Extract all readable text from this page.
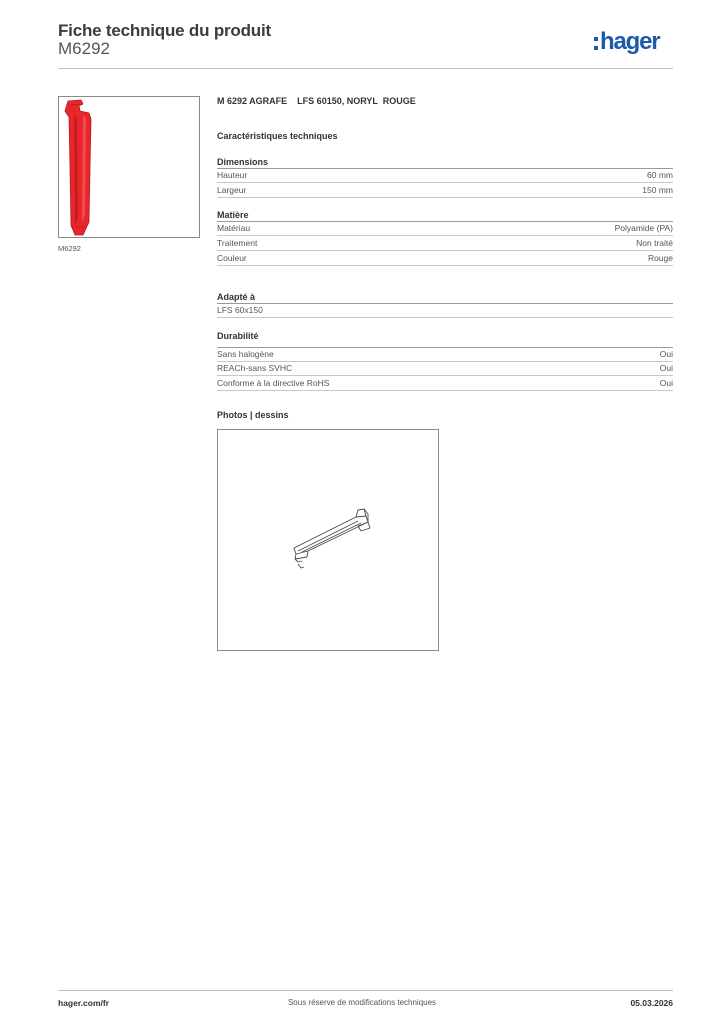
Fiche technique du produit
M6292	hager
M6292
M 6292 AGRAFE    LFS 60150, NORYL  ROUGE
Caractéristiques techniques
Dimensions
Hauteur	60 mm
Largeur	150 mm
Matière
Matériau	Polyamide (PA)
Traitement	Non traité
Couleur	Rouge
Adapté à
LFS 60x150
Durabilité
Sans halogène	Oui
REACh-sans SVHC	Oui
Conforme à la directive RoHS	Oui
Photos | dessins
hager.com/fr	Sous réserve de modifications techniques	05.03.2026
